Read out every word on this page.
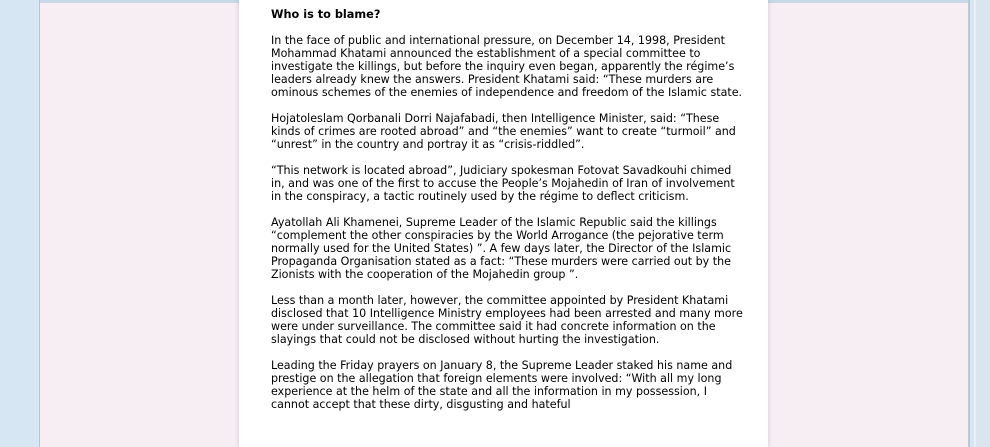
Who is to blame?

In the face of public and international pressure, on December 14, 1998, President Mohammad Khatami announced the establishment of a special committee to investigate the killings, but before the inquiry even began, apparently the régime’s leaders already knew the answers. President Khatami said: “These murders are ominous schemes of the enemies of independence and freedom of the Islamic state.

Hojatoleslam Qorbanali Dorri Najafabadi, then Intelligence Minister, said: “These kinds of crimes are rooted abroad” and “the enemies” want to create “turmoil” and “unrest” in the country and portray it as “crisis-riddled”.

“This network is located abroad”, Judiciary spokesman Fotovat Savadkouhi chimed in, and was one of the first to accuse the People’s Mojahedin of Iran of involvement in the conspiracy, a tactic routinely used by the régime to deflect criticism.

Ayatollah Ali Khamenei, Supreme Leader of the Islamic Republic said the killings “complement the other conspiracies by the World Arrogance (the pejorative term normally used for the United States) ”. A few days later, the Director of the Islamic Propaganda Organisation stated as a fact: “These murders were carried out by the Zionists with the cooperation of the Mojahedin group ”.

Less than a month later, however, the committee appointed by President Khatami disclosed that 10 Intelligence Ministry employees had been arrested and many more were under surveillance. The committee said it had concrete information on the slayings that could not be disclosed without hurting the investigation.

Leading the Friday prayers on January 8, the Supreme Leader staked his name and prestige on the allegation that foreign elements were involved: “With all my long experience at the helm of the state and all the information in my possession, I cannot accept that these dirty, disgusting and hateful
